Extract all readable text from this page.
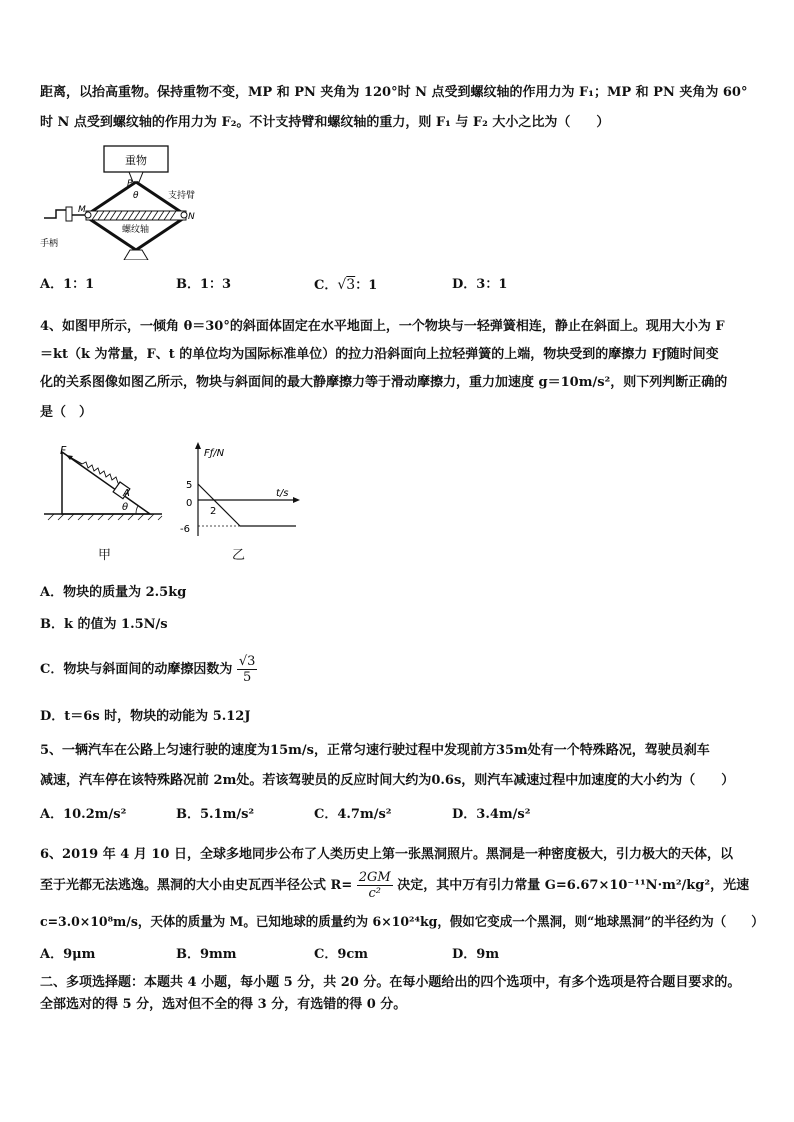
距离，以抬高重物。保持重物不变，MP 和 PN 夹角为 120°时 N 点受到螺纹轴的作用力为 F₁；MP 和 PN 夹角为 60°
时 N 点受到螺纹轴的作用力为 F₂。不计支持臂和螺纹轴的重力，则 F₁ 与 F₂ 大小之比为（　　）
重物
P
θ
M
N
支持臂
螺纹轴
手柄
A．1：1	B．1：3	C．√3：1	D．3：1
4、如图甲所示，一倾角 θ＝30°的斜面体固定在水平地面上，一个物块与一轻弹簧相连，静止在斜面上。现用大小为 F
＝kt（k 为常量，F、t 的单位均为国际标准单位）的拉力沿斜面向上拉轻弹簧的上端，物块受到的摩擦力 Fƒ随时间变
化的关系图像如图乙所示，物块与斜面间的最大静摩擦力等于滑动摩擦力，重力加速度 g＝10m/s²，则下列判断正确的
是（　）
A
F
θ
甲
Fƒ/N
t/s
5
0
-6
2
乙
A．物块的质量为 2.5kg
B．k 的值为 1.5N/s
C．物块与斜面间的动摩擦因数为 $\frac{√3}{5}$
D．t＝6s 时，物块的动能为 5.12J
5、一辆汽车在公路上匀速行驶的速度为15m/s，正常匀速行驶过程中发现前方35m处有一个特殊路况，驾驶员刹车
减速，汽车停在该特殊路况前 2m处。若该驾驶员的反应时间大约为0.6s，则汽车减速过程中加速度的大小约为（　　）
A．10.2m/s²	B．5.1m/s²	C．4.7m/s²	D．3.4m/s²
6、2019 年 4 月 10 日，全球多地同步公布了人类历史上第一张黑洞照片。黑洞是一种密度极大，引力极大的天体，以
至于光都无法逃逸。黑洞的大小由史瓦西半径公式 $R= \frac{2GM}{\text{c²}}$ 决定，其中万有引力常量 G=6.67×10⁻¹¹N·m²/kg²，光速
c=3.0×10⁸m/s，天体的质量为 M。已知地球的质量约为 6×10²⁴kg，假如它变成一个黑洞，则“地球黑洞”的半径约为（　　）
A．9μm	B．9mm	C．9cm	D．9m
二、多项选择题：本题共 4 小题，每小题 5 分，共 20 分。在每小题给出的四个选项中，有多个选项是符合题目要求的。
全部选对的得 5 分，选对但不全的得 3 分，有选错的得 0 分。
